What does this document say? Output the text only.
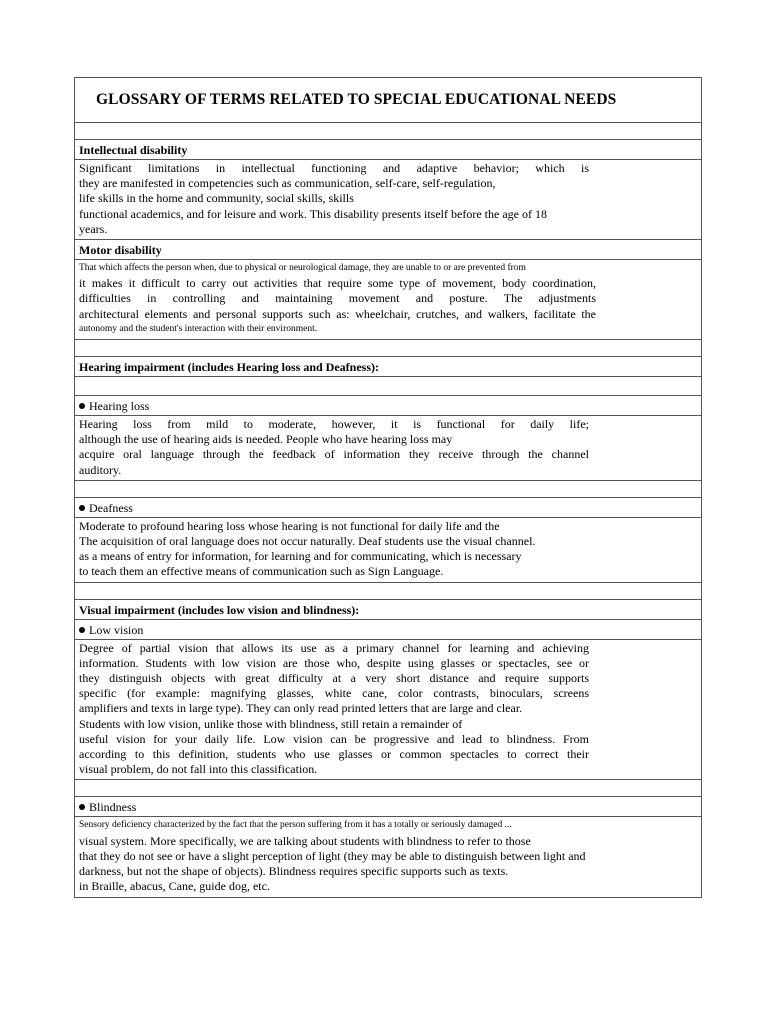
GLOSSARY OF TERMS RELATED TO SPECIAL EDUCATIONAL NEEDS
Intellectual disability
Significant limitations in intellectual functioning and adaptive behavior; which is
they are manifested in competencies such as communication, self-care, self-regulation,
life skills in the home and community, social skills, skills
functional academics, and for leisure and work. This disability presents itself before the age of 18
years.
Motor disability
That which affects the person when, due to physical or neurological damage, they are unable to or are prevented from
it makes it difficult to carry out activities that require some type of movement, body coordination,
difficulties in controlling and maintaining movement and posture. The adjustments
architectural elements and personal supports such as: wheelchair, crutches, and walkers, facilitate the
autonomy and the student's interaction with their environment.
Hearing impairment (includes Hearing loss and Deafness):
Hearing loss
Hearing loss from mild to moderate, however, it is functional for daily life;
although the use of hearing aids is needed. People who have hearing loss may
acquire oral language through the feedback of information they receive through the channel
auditory.
Deafness
Moderate to profound hearing loss whose hearing is not functional for daily life and the
The acquisition of oral language does not occur naturally. Deaf students use the visual channel.
as a means of entry for information, for learning and for communicating, which is necessary
to teach them an effective means of communication such as Sign Language.
Visual impairment (includes low vision and blindness):
Low vision
Degree of partial vision that allows its use as a primary channel for learning and achieving
information. Students with low vision are those who, despite using glasses or spectacles, see or
they distinguish objects with great difficulty at a very short distance and require supports
specific (for example: magnifying glasses, white cane, color contrasts, binoculars, screens
amplifiers and texts in large type). They can only read printed letters that are large and clear.
Students with low vision, unlike those with blindness, still retain a remainder of
useful vision for your daily life. Low vision can be progressive and lead to blindness. From
according to this definition, students who use glasses or common spectacles to correct their
visual problem, do not fall into this classification.
Blindness
Sensory deficiency characterized by the fact that the person suffering from it has a totally or seriously damaged ...
visual system. More specifically, we are talking about students with blindness to refer to those
that they do not see or have a slight perception of light (they may be able to distinguish between light and
darkness, but not the shape of objects). Blindness requires specific supports such as texts.
in Braille, abacus, Cane, guide dog, etc.
